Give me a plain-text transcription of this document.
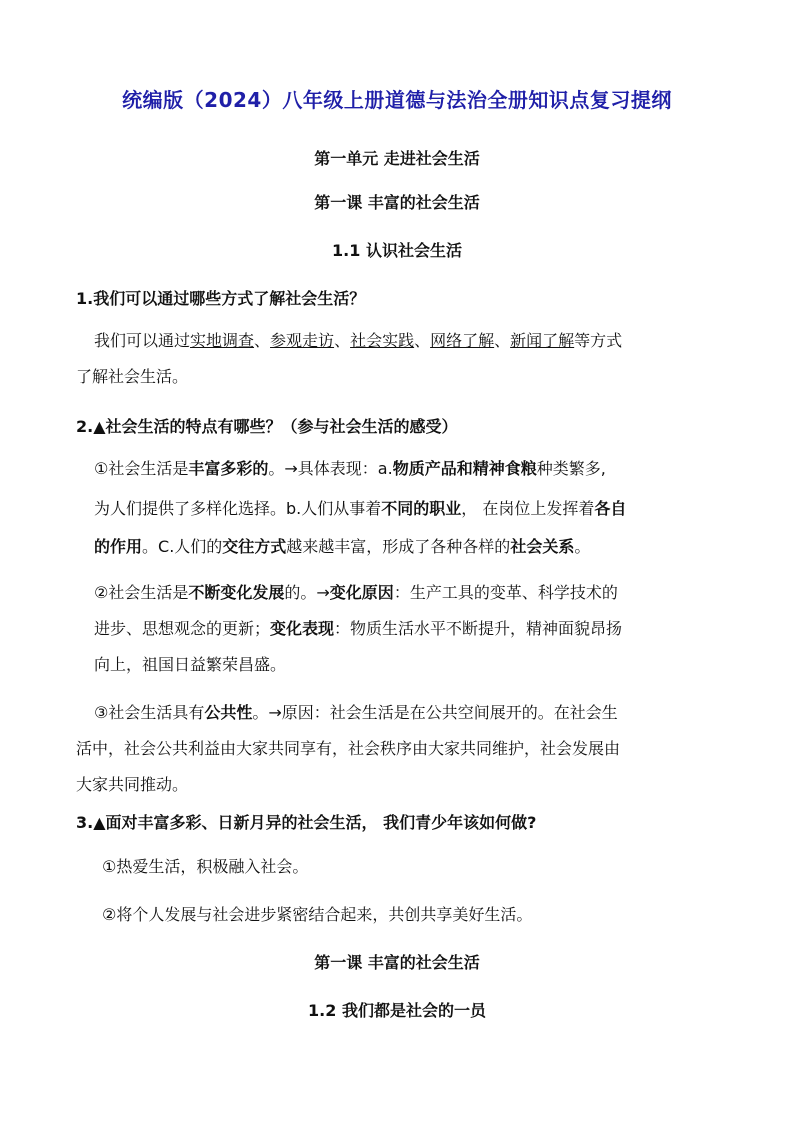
统编版（2024）八年级上册道德与法治全册知识点复习提纲
第一单元 走进社会生活
第一课 丰富的社会生活
1.1 认识社会生活
1.我们可以通过哪些方式了解社会生活？
我们可以通过实地调查、参观走访、社会实践、网络了解、新闻了解等方式
了解社会生活。
2.▲社会生活的特点有哪些？（参与社会生活的感受）
①社会生活是丰富多彩的。→具体表现：a.物质产品和精神食粮种类繁多,
为人们提供了多样化选择。b.人们从事着不同的职业， 在岗位上发挥着各自
的作用。C.人们的交往方式越来越丰富，形成了各种各样的社会关系。
②社会生活是不断变化发展的。→变化原因：生产工具的变革、科学技术的
进步、思想观念的更新；变化表现：物质生活水平不断提升，精神面貌昂扬
向上，祖国日益繁荣昌盛。
③社会生活具有公共性。→原因：社会生活是在公共空间展开的。在社会生
活中，社会公共利益由大家共同享有，社会秩序由大家共同维护，社会发展由
大家共同推动。
3.▲面对丰富多彩、日新月异的社会生活， 我们青少年该如何做?
①热爱生活，积极融入社会。
②将个人发展与社会进步紧密结合起来，共创共享美好生活。
第一课 丰富的社会生活
1.2 我们都是社会的一员
